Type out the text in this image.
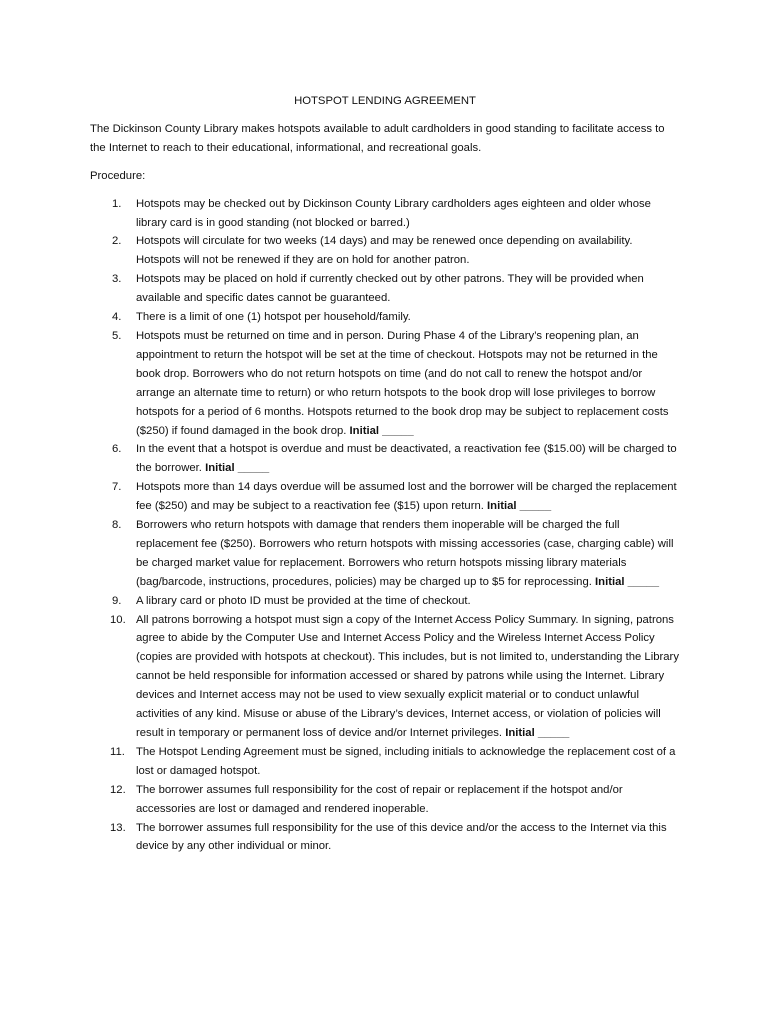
HOTSPOT LENDING AGREEMENT
The Dickinson County Library makes hotspots available to adult cardholders in good standing to facilitate access to the Internet to reach to their educational, informational, and recreational goals.
Procedure:
1.	Hotspots may be checked out by Dickinson County Library cardholders ages eighteen and older whose library card is in good standing (not blocked or barred.)
2.	Hotspots will circulate for two weeks (14 days) and may be renewed once depending on availability. Hotspots will not be renewed if they are on hold for another patron.
3.	Hotspots may be placed on hold if currently checked out by other patrons. They will be provided when available and specific dates cannot be guaranteed.
4.	There is a limit of one (1) hotspot per household/family.
5.	Hotspots must be returned on time and in person. During Phase 4 of the Library’s reopening plan, an appointment to return the hotspot will be set at the time of checkout. Hotspots may not be returned in the book drop. Borrowers who do not return hotspots on time (and do not call to renew the hotspot and/or arrange an alternate time to return) or who return hotspots to the book drop will lose privileges to borrow hotspots for a period of 6 months. Hotspots returned to the book drop may be subject to replacement costs ($250) if found damaged in the book drop. Initial _____
6.	In the event that a hotspot is overdue and must be deactivated, a reactivation fee ($15.00) will be charged to the borrower. Initial _____
7.	Hotspots more than 14 days overdue will be assumed lost and the borrower will be charged the replacement fee ($250) and may be subject to a reactivation fee ($15) upon return. Initial _____
8.	Borrowers who return hotspots with damage that renders them inoperable will be charged the full replacement fee ($250). Borrowers who return hotspots with missing accessories (case, charging cable) will be charged market value for replacement. Borrowers who return hotspots missing library materials (bag/barcode, instructions, procedures, policies) may be charged up to $5 for reprocessing. Initial _____
9.	A library card or photo ID must be provided at the time of checkout.
10. All patrons borrowing a hotspot must sign a copy of the Internet Access Policy Summary. In signing, patrons agree to abide by the Computer Use and Internet Access Policy and the Wireless Internet Access Policy (copies are provided with hotspots at checkout). This includes, but is not limited to, understanding the Library cannot be held responsible for information accessed or shared by patrons while using the Internet. Library devices and Internet access may not be used to view sexually explicit material or to conduct unlawful activities of any kind. Misuse or abuse of the Library’s devices, Internet access, or violation of policies will result in temporary or permanent loss of device and/or Internet privileges. Initial _____
11. The Hotspot Lending Agreement must be signed, including initials to acknowledge the replacement cost of a lost or damaged hotspot.
12. The borrower assumes full responsibility for the cost of repair or replacement if the hotspot and/or accessories are lost or damaged and rendered inoperable.
13. The borrower assumes full responsibility for the use of this device and/or the access to the Internet via this device by any other individual or minor.
